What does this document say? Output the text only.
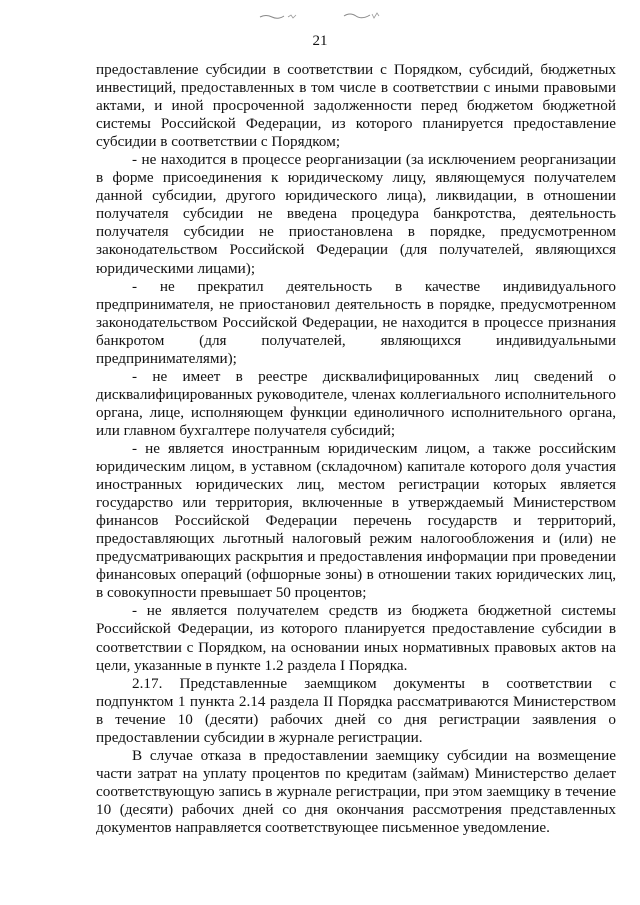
21

предоставление субсидии в соответствии с Порядком, субсидий, бюджетных инвестиций, предоставленных в том числе в соответствии с иными правовыми актами, и иной просроченной задолженности перед бюджетом бюджетной системы Российской Федерации, из которого планируется предоставление субсидии в соответствии с Порядком;

- не находится в процессе реорганизации (за исключением реорганизации в форме присоединения к юридическому лицу, являющемуся получателем данной субсидии, другого юридического лица), ликвидации, в отношении получателя субсидии не введена процедура банкротства, деятельность получателя субсидии не приостановлена в порядке, предусмотренном законодательством Российской Федерации (для получателей, являющихся юридическими лицами);

- не прекратил деятельность в качестве индивидуального предпринимателя, не приостановил деятельность в порядке, предусмотренном законодательством Российской Федерации, не находится в процессе признания банкротом (для получателей, являющихся индивидуальными предпринимателями);

- не имеет в реестре дисквалифицированных лиц сведений о дисквалифицированных руководителе, членах коллегиального исполнительного органа, лице, исполняющем функции единоличного исполнительного органа, или главном бухгалтере получателя субсидий;

- не является иностранным юридическим лицом, а также российским юридическим лицом, в уставном (складочном) капитале которого доля участия иностранных юридических лиц, местом регистрации которых является государство или территория, включенные в утверждаемый Министерством финансов Российской Федерации перечень государств и территорий, предоставляющих льготный налоговый режим налогообложения и (или) не предусматривающих раскрытия и предоставления информации при проведении финансовых операций (офшорные зоны) в отношении таких юридических лиц, в совокупности превышает 50 процентов;

- не является получателем средств из бюджета бюджетной системы Российской Федерации, из которого планируется предоставление субсидии в соответствии с Порядком, на основании иных нормативных правовых актов на цели, указанные в пункте 1.2 раздела I Порядка.

2.17. Представленные заемщиком документы в соответствии с подпунктом 1 пункта 2.14 раздела II Порядка рассматриваются Министерством в течение 10 (десяти) рабочих дней со дня регистрации заявления о предоставлении субсидии в журнале регистрации.

В случае отказа в предоставлении заемщику субсидии на возмещение части затрат на уплату процентов по кредитам (займам) Министерство делает соответствующую запись в журнале регистрации, при этом заемщику в течение 10 (десяти) рабочих дней со дня окончания рассмотрения представленных документов направляется соответствующее письменное уведомление.
